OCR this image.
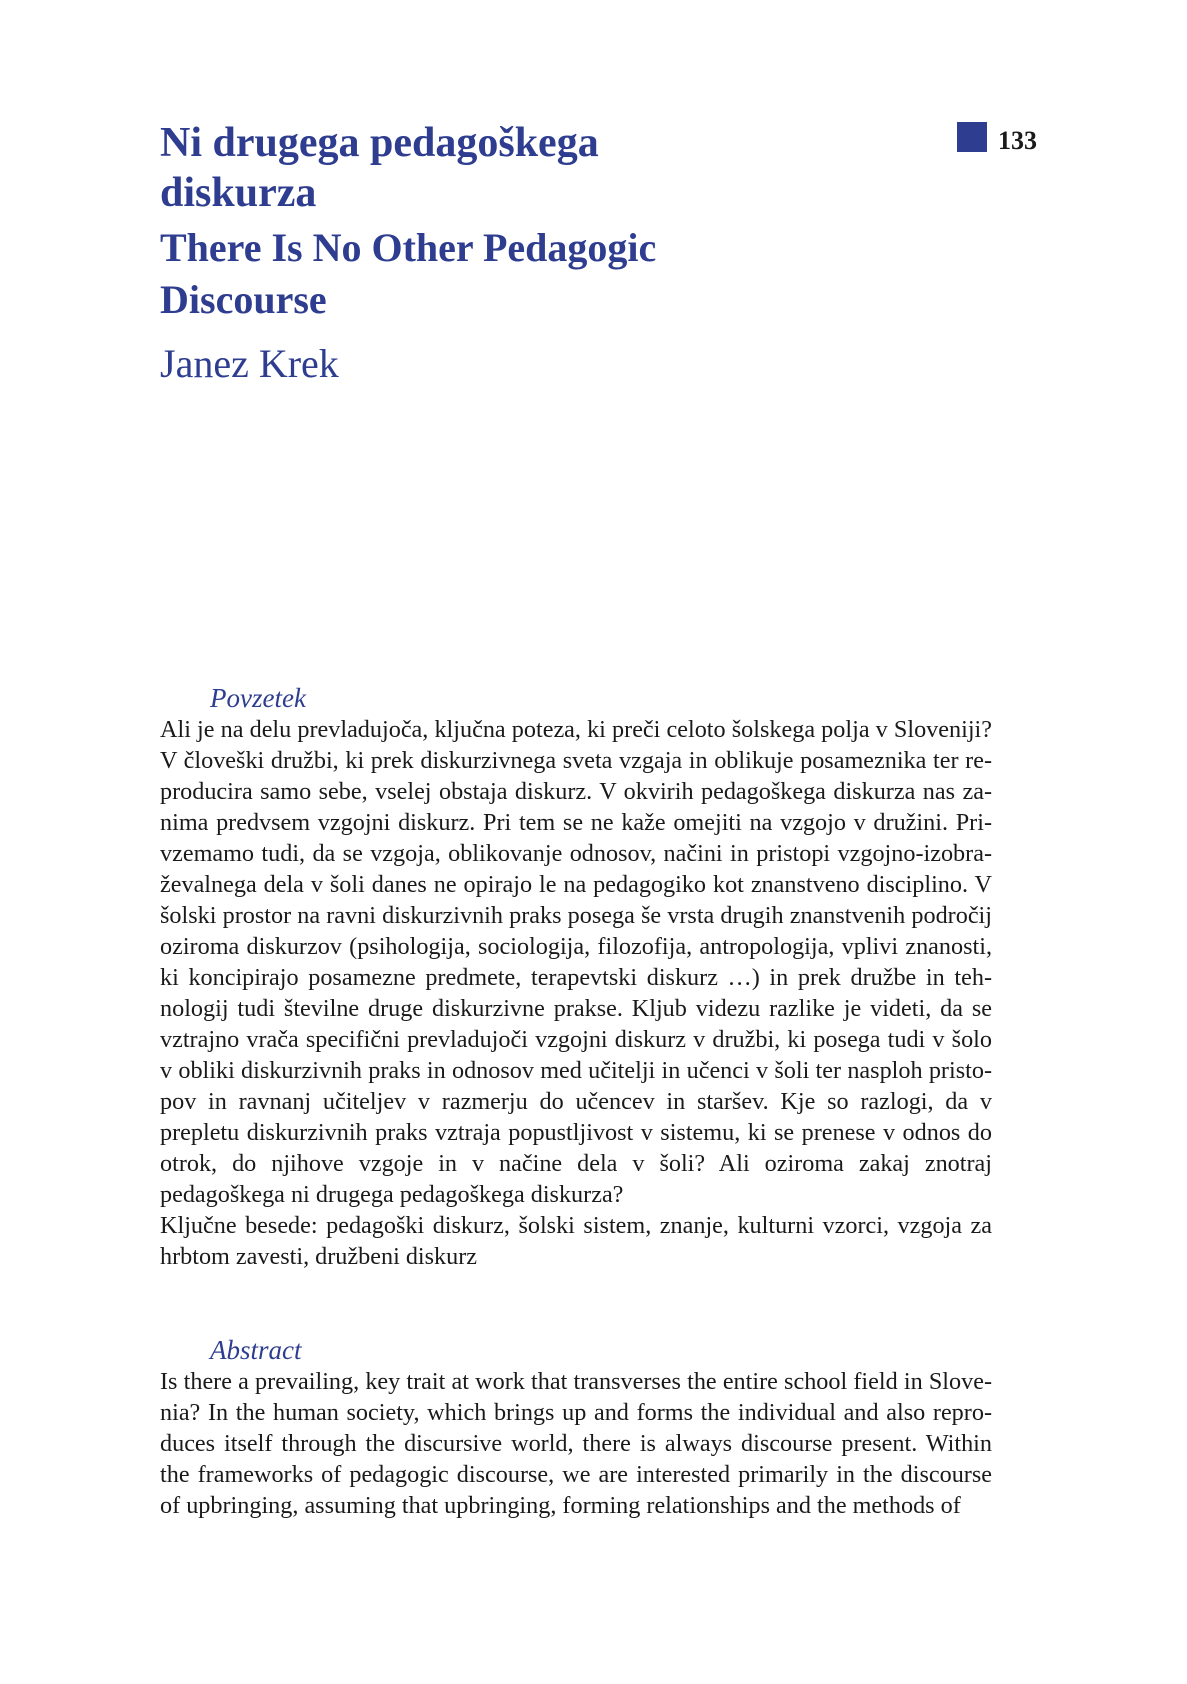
Ni drugega pedagoškega diskurza
There Is No Other Pedagogic Discourse
Janez Krek
133
Povzetek

Ali je na delu prevladujoča, ključna poteza, ki preči celoto šolskega polja v Sloveniji? V človeški družbi, ki prek diskurzivnega sveta vzgaja in oblikuje posameznika ter reproducira samo sebe, vselej obstaja diskurz. V okvirih pedagoškega diskurza nas zanima predvsem vzgojni diskurz. Pri tem se ne kaže omejiti na vzgojo v družini. Privzemamo tudi, da se vzgoja, oblikovanje odnosov, načini in pristopi vzgojno-izobraževalnega dela v šoli danes ne opirajo le na pedagogiko kot znanstveno disciplino. V šolski prostor na ravni diskurzivnih praks posega še vrsta drugih znanstvenih področij oziroma diskurzov (psihologija, sociologija, filozofija, antropologija, vplivi znanosti, ki koncipirajo posamezne predmete, terapevtski diskurz …) in prek družbe in tehnologij tudi številne druge diskurzivne prakse. Kljub videzu razlike je videti, da se vztrajno vrača specifični prevladujoči vzgojni diskurz v družbi, ki posega tudi v šolo v obliki diskurzivnih praks in odnosov med učitelji in učenci v šoli ter nasploh pristopov in ravnanj učiteljev v razmerju do učencev in staršev. Kje so razlogi, da v prepletu diskurzivnih praks vztraja popustljivost v sistemu, ki se prenese v odnos do otrok, do njihove vzgoje in v načine dela v šoli? Ali oziroma zakaj znotraj pedagoškega ni drugega pedagoškega diskurza?

Ključne besede: pedagoški diskurz, šolski sistem, znanje, kulturni vzorci, vzgoja za hrbtom zavesti, družbeni diskurz

Abstract

Is there a prevailing, key trait at work that transverses the entire school field in Slovenia? In the human society, which brings up and forms the individual and also reproduces itself through the discursive world, there is always discourse present. Within the frameworks of pedagogic discourse, we are interested primarily in the discourse of upbringing, assuming that upbringing, forming relationships and the methods of
